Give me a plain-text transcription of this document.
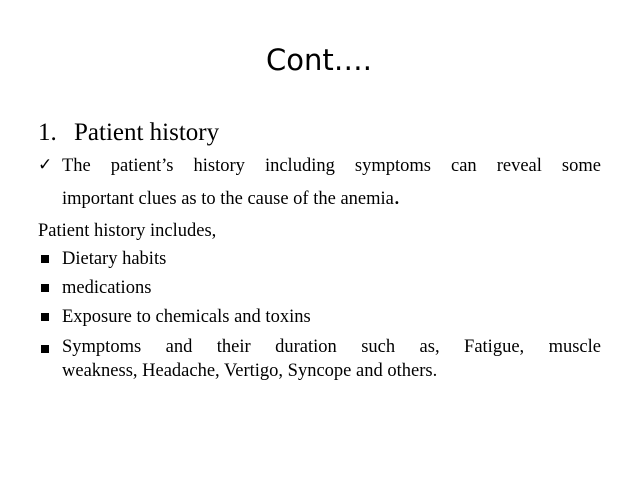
Cont….
1. Patient history
✓ The patient’s history including symptoms can reveal some
important clues as to the cause of the anemia.
Patient history includes,
Dietary habits
medications
Exposure to chemicals and toxins
Symptoms and their duration such as, Fatigue, muscle
weakness, Headache, Vertigo, Syncope and others.
